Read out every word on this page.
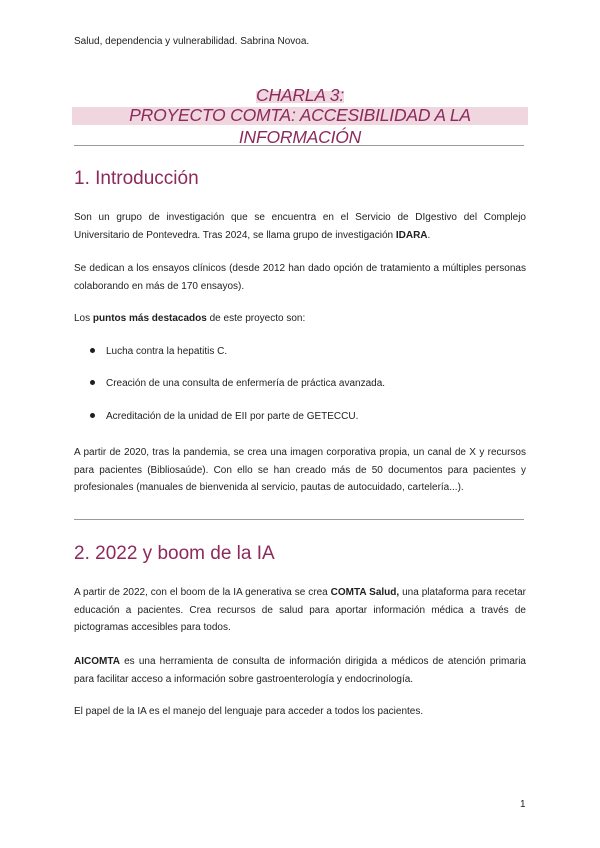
Salud, dependencia y vulnerabilidad. Sabrina Novoa.
CHARLA 3:

PROYECTO COMTA: ACCESIBILIDAD A LA INFORMACIÓN
1. Introducción

Son un grupo de investigación que se encuentra en el Servicio de DIgestivo del Complejo Universitario de Pontevedra. Tras 2024, se llama grupo de investigación IDARA.

Se dedican a los ensayos clínicos (desde 2012 han dado opción de tratamiento a múltiples personas colaborando en más de 170 ensayos).

Los puntos más destacados de este proyecto son:

Lucha contra la hepatitis C.
Creación de una consulta de enfermería de práctica avanzada.
Acreditación de la unidad de EII por parte de GETECCU.

A partir de 2020, tras la pandemia, se crea una imagen corporativa propia, un canal de X y recursos para pacientes (Bibliosaúde). Con ello se han creado más de 50 documentos para pacientes y profesionales (manuales de bienvenida al servicio, pautas de autocuidado, cartelería...).

2. 2022 y boom de la IA

A partir de 2022, con el boom de la IA generativa se crea COMTA Salud, una plataforma para recetar educación a pacientes. Crea recursos de salud para aportar información médica a través de pictogramas accesibles para todos.

AICOMTA es una herramienta de consulta de información dirigida a médicos de atención primaria para facilitar acceso a información sobre gastroenterología y endocrinología.

El papel de la IA es el manejo del lenguaje para acceder a todos los pacientes.

1
